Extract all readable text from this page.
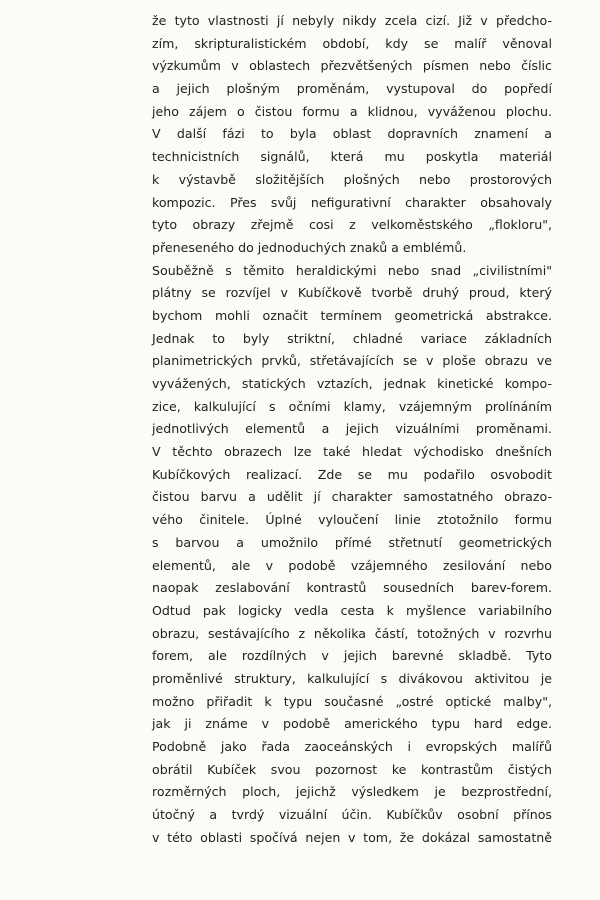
že tyto vlastnosti jí nebyly nikdy zcela cizí. Již v předcho-
zím, skripturalistickém období, kdy se malíř věnoval
výzkumům v oblastech přezvětšených písmen nebo číslic
a jejich plošným proměnám, vystupoval do popředí
jeho zájem o čistou formu a klidnou, vyváženou plochu.
V další fázi to byla oblast dopravních znamení a
technicistních signálů, která mu poskytla materiál
k výstavbě složitějších plošných nebo prostorových
kompozic. Přes svůj nefigurativní charakter obsahovaly
tyto obrazy zřejmě cosi z velkoměstského „flokloru",
přeneseného do jednoduchých znaků a emblémů.
Souběžně s těmito heraldickými nebo snad „civilistními"
plátny se rozvíjel v Kubíčkově tvorbě druhý proud, který
bychom mohli označit termínem geometrická abstrakce.
Jednak to byly striktní, chladné variace základních
planimetrických prvků, střetávajících se v ploše obrazu ve
vyvážených, statických vztazích, jednak kinetické kompo-
zice, kalkulující s očními klamy, vzájemným prolínáním
jednotlivých elementů a jejich vizuálními proměnami.
V těchto obrazech lze také hledat východisko dnešních
Kubíčkových realizací. Zde se mu podařilo osvobodit
čistou barvu a udělit jí charakter samostatného obrazo-
vého činitele. Úplné vyloučení linie ztotožnilo formu
s barvou a umožnilo přímé střetnutí geometrických
elementů, ale v podobě vzájemného zesilování nebo
naopak zeslabování kontrastů sousedních barev-forem.
Odtud pak logicky vedla cesta k myšlence variabilního
obrazu, sestávajícího z několika částí, totožných v rozvrhu
forem, ale rozdílných v jejich barevné skladbě. Tyto
proměnlivé struktury, kalkulující s divákovou aktivitou je
možno přiřadit k typu současné „ostré optické malby",
jak ji známe v podobě amerického typu hard edge.
Podobně jako řada zaoceánských i evropských malířů
obrátil Kubíček svou pozornost ke kontrastům čistých
rozměrných ploch, jejichž výsledkem je bezprostřední,
útočný a tvrdý vizuální účin. Kubíčkův osobní přínos
v této oblasti spočívá nejen v tom, že dokázal samostatně
